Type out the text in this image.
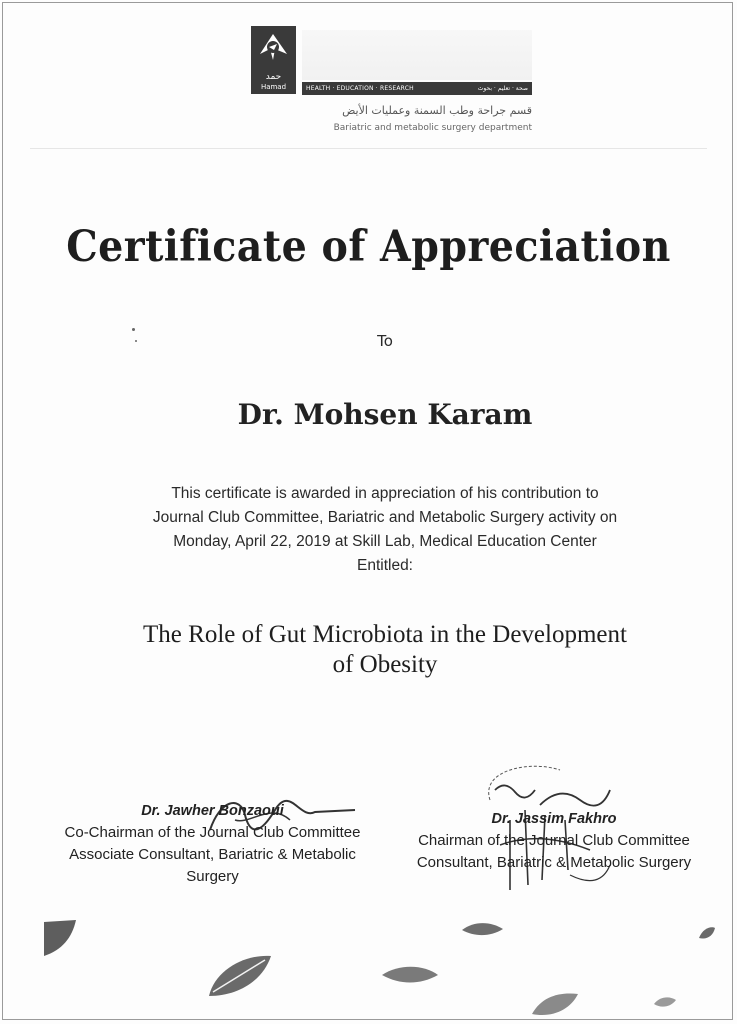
حمد
Hamad	HEALTH · EDUCATION · RESEARCH	صحة · تعليم · بحوث
قسم جراحة وطب السمنة وعمليات الأيض
Bariatric and metabolic surgery department
Certificate of Appreciation
To
Dr. Mohsen Karam
This certificate is awarded in appreciation of his contribution to
Journal Club Committee, Bariatric and Metabolic Surgery activity on
Monday, April 22, 2019 at Skill Lab, Medical Education Center
Entitled:
The Role of Gut Microbiota in the Development
of Obesity
Dr. Jawher Bonzaoui
Co-Chairman of the Journal Club Committee
Associate Consultant, Bariatric & Metabolic
Surgery
Dr. Jassim Fakhro
Chairman of the Journal Club Committee
Consultant, Bariatric & Metabolic Surgery
